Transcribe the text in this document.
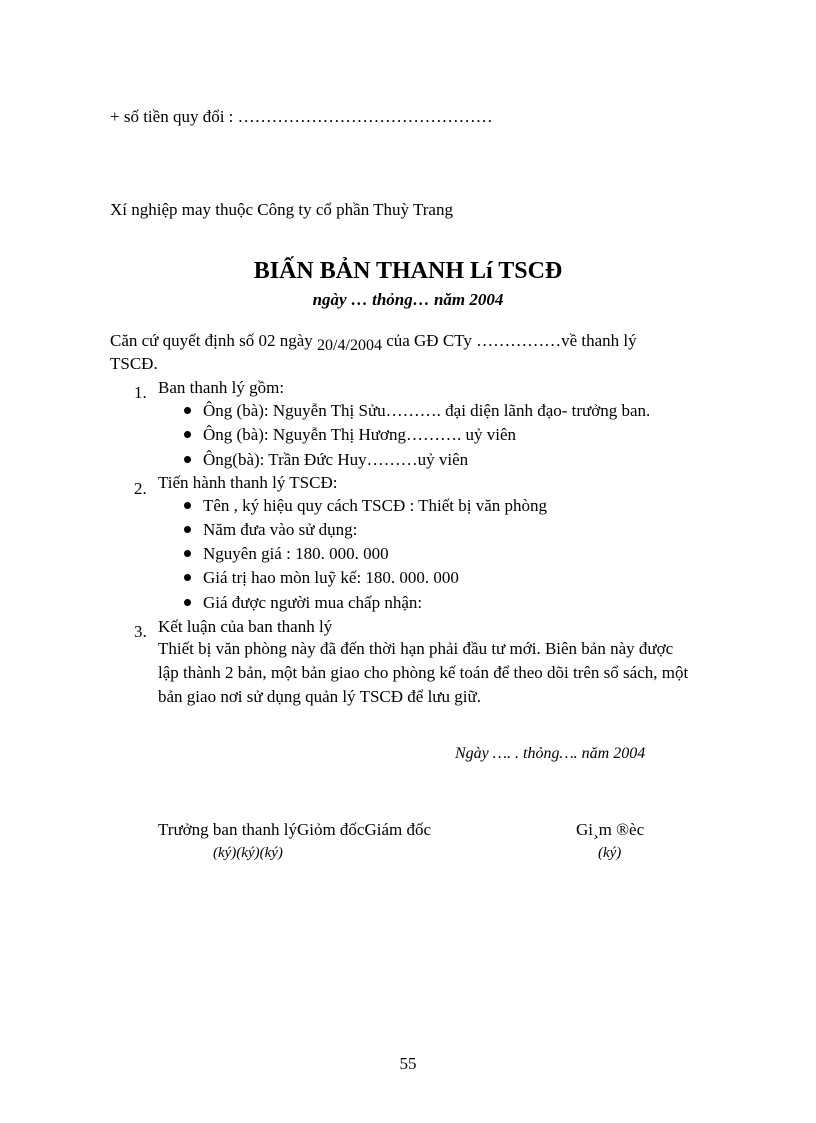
+ số tiền quy đổi : ………………………………………
Xí nghiệp may thuộc Công ty cổ phần Thuỳ Trang
BIẤN BẢN THANH Lí TSCĐ
ngày … thỏng… năm 2004
Căn cứ quyết định số 02 ngày 20/4/2004 của GĐ CTy ……………về thanh lý
TSCĐ.
1. Ban thanh lý gồm:
Ông (bà): Nguyễn Thị Sửu………. đại diện lãnh đạo- trưởng ban.
Ông (bà): Nguyễn Thị Hương………. uỷ viên
Ông(bà): Trần Đức Huy………uỷ viên
2. Tiến hành thanh lý TSCĐ:
Tên , ký hiệu quy cách TSCĐ : Thiết bị văn phòng
Năm đưa vào sử dụng:
Nguyên giá : 180. 000. 000
Giá trị hao mòn luỹ kế: 180. 000. 000
Giá được người mua chấp nhận:
3. Kết luận của ban thanh lý
Thiết bị văn phòng này đã đến thời hạn phải đầu tư mới. Biên bản này được
lập thành 2 bản, một bản giao cho phòng kế toán để theo dõi trên sổ sách, một
bản giao nơi sử dụng quản lý TSCĐ để lưu giữ.
Ngày …. . thỏng…. năm 2004
Trưởng ban thanh lýGiỏm đốcGiám đốc
(ký)(ký)(ký)
Gi¸m ®èc
(ký)
55
